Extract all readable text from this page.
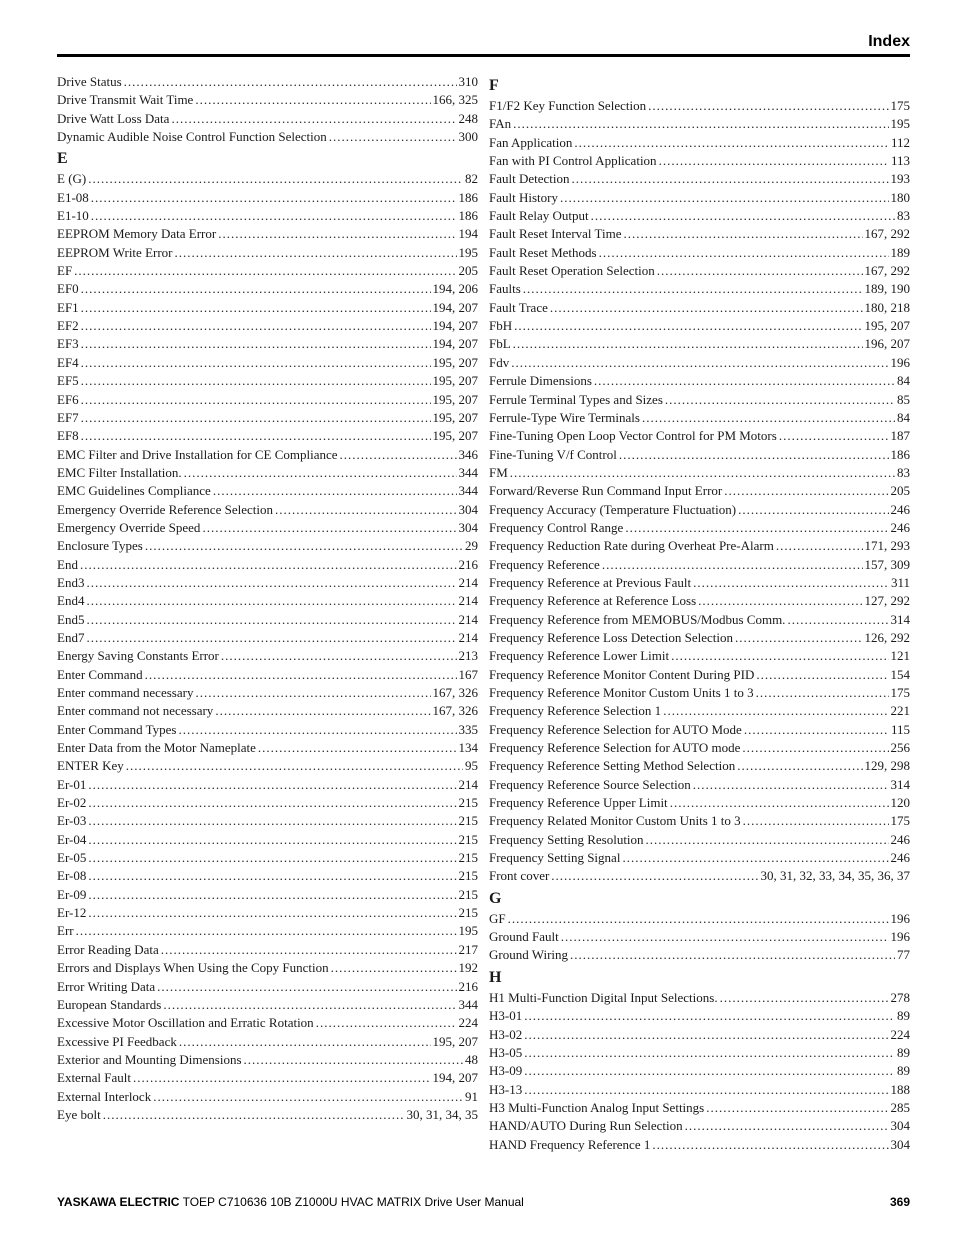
Index
Drive Status .....	310
Drive Transmit Wait Time .....	166, 325
Drive Watt Loss Data .....	248
Dynamic Audible Noise Control Function Selection .....	300
E
E (G) .....	82
E1-08 .....	186
E1-10 .....	186
EEPROM Memory Data Error .....	194
EEPROM Write Error .....	195
EF .....	205
EF0 .....	194, 206
EF1 .....	194, 207
EF2 .....	194, 207
EF3 .....	194, 207
EF4 .....	195, 207
EF5 .....	195, 207
EF6 .....	195, 207
EF7 .....	195, 207
EF8 .....	195, 207
EMC Filter and Drive Installation for CE Compliance .....	346
EMC Filter Installation. .....	344
EMC Guidelines Compliance .....	344
Emergency Override Reference Selection .....	304
Emergency Override Speed .....	304
Enclosure Types .....	29
End .....	216
End3 .....	214
End4 .....	214
End5 .....	214
End7 .....	214
Energy Saving Constants Error .....	213
Enter Command .....	167
Enter command necessary .....	167, 326
Enter command not necessary .....	167, 326
Enter Command Types .....	335
Enter Data from the Motor Nameplate .....	134
ENTER Key .....	95
Er-01 .....	214
Er-02 .....	215
Er-03 .....	215
Er-04 .....	215
Er-05 .....	215
Er-08 .....	215
Er-09 .....	215
Er-12 .....	215
Err .....	195
Error Reading Data .....	217
Errors and Displays When Using the Copy Function .....	192
Error Writing Data .....	216
European Standards .....	344
Excessive Motor Oscillation and Erratic Rotation .....	224
Excessive PI Feedback .....	195, 207
Exterior and Mounting Dimensions .....	48
External Fault .....	194, 207
External Interlock .....	91
Eye bolt .....	30, 31, 34, 35
F
F1/F2 Key Function Selection .....	175
FAn .....	195
Fan Application .....	112
Fan with PI Control Application .....	113
Fault Detection .....	193
Fault History .....	180
Fault Relay Output .....	83
Fault Reset Interval Time .....	167, 292
Fault Reset Methods .....	189
Fault Reset Operation Selection .....	167, 292
Faults .....	189, 190
Fault Trace .....	180, 218
FbH .....	195, 207
FbL .....	196, 207
Fdv .....	196
Ferrule Dimensions .....	84
Ferrule Terminal Types and Sizes .....	85
Ferrule-Type Wire Terminals .....	84
Fine-Tuning Open Loop Vector Control for PM Motors .....	187
Fine-Tuning V/f Control .....	186
FM .....	83
Forward/Reverse Run Command Input Error .....	205
Frequency Accuracy (Temperature Fluctuation) .....	246
Frequency Control Range .....	246
Frequency Reduction Rate during Overheat Pre-Alarm .....	171, 293
Frequency Reference .....	157, 309
Frequency Reference at Previous Fault .....	311
Frequency Reference at Reference Loss .....	127, 292
Frequency Reference from MEMOBUS/Modbus Comm. .....	314
Frequency Reference Loss Detection Selection .....	126, 292
Frequency Reference Lower Limit .....	121
Frequency Reference Monitor Content During PID .....	154
Frequency Reference Monitor Custom Units 1 to 3 .....	175
Frequency Reference Selection 1 .....	221
Frequency Reference Selection for AUTO Mode .....	115
Frequency Reference Selection for AUTO mode .....	256
Frequency Reference Setting Method Selection .....	129, 298
Frequency Reference Source Selection .....	314
Frequency Reference Upper Limit .....	120
Frequency Related Monitor Custom Units 1 to 3 .....	175
Frequency Setting Resolution .....	246
Frequency Setting Signal .....	246
Front cover .....	30, 31, 32, 33, 34, 35, 36, 37
G
GF .....	196
Ground Fault .....	196
Ground Wiring .....	77
H
H1 Multi-Function Digital Input Selections. .....	278
H3-01 .....	89
H3-02 .....	224
H3-05 .....	89
H3-09 .....	89
H3-13 .....	188
H3 Multi-Function Analog Input Settings .....	285
HAND/AUTO During Run Selection .....	304
HAND Frequency Reference 1 .....	304
YASKAWA ELECTRIC TOEP C710636 10B Z1000U HVAC MATRIX Drive User Manual	369
